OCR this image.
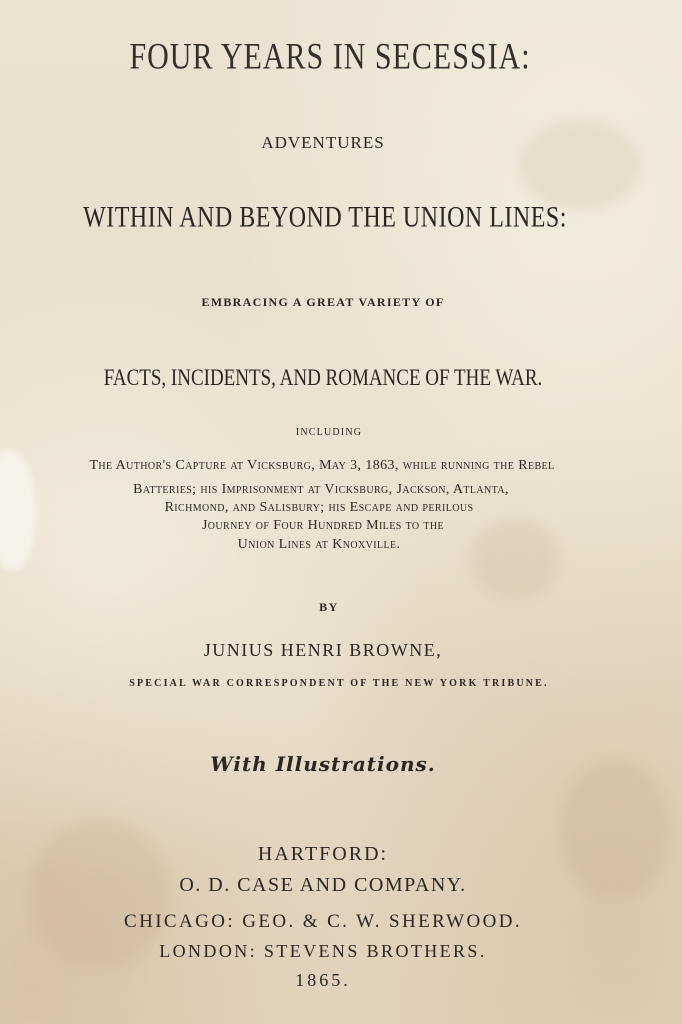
FOUR YEARS IN SECESSIA:
ADVENTURES
WITHIN AND BEYOND THE UNION LINES:
EMBRACING A GREAT VARIETY OF
FACTS, INCIDENTS, AND ROMANCE OF THE WAR.
INCLUDING
The Author's Capture at Vicksburg, May 3, 1863, while running the Rebel
Batteries; his Imprisonment at Vicksburg, Jackson, Atlanta,
Richmond, and Salisbury; his Escape and perilous
Journey of Four Hundred Miles to the
Union Lines at Knoxville.
BY
JUNIUS HENRI BROWNE,
SPECIAL WAR CORRESPONDENT OF THE NEW YORK TRIBUNE.
With Illustrations.
HARTFORD:
O. D. CASE AND COMPANY.
CHICAGO: GEO. & C. W. SHERWOOD.
LONDON: STEVENS BROTHERS.
1865.
